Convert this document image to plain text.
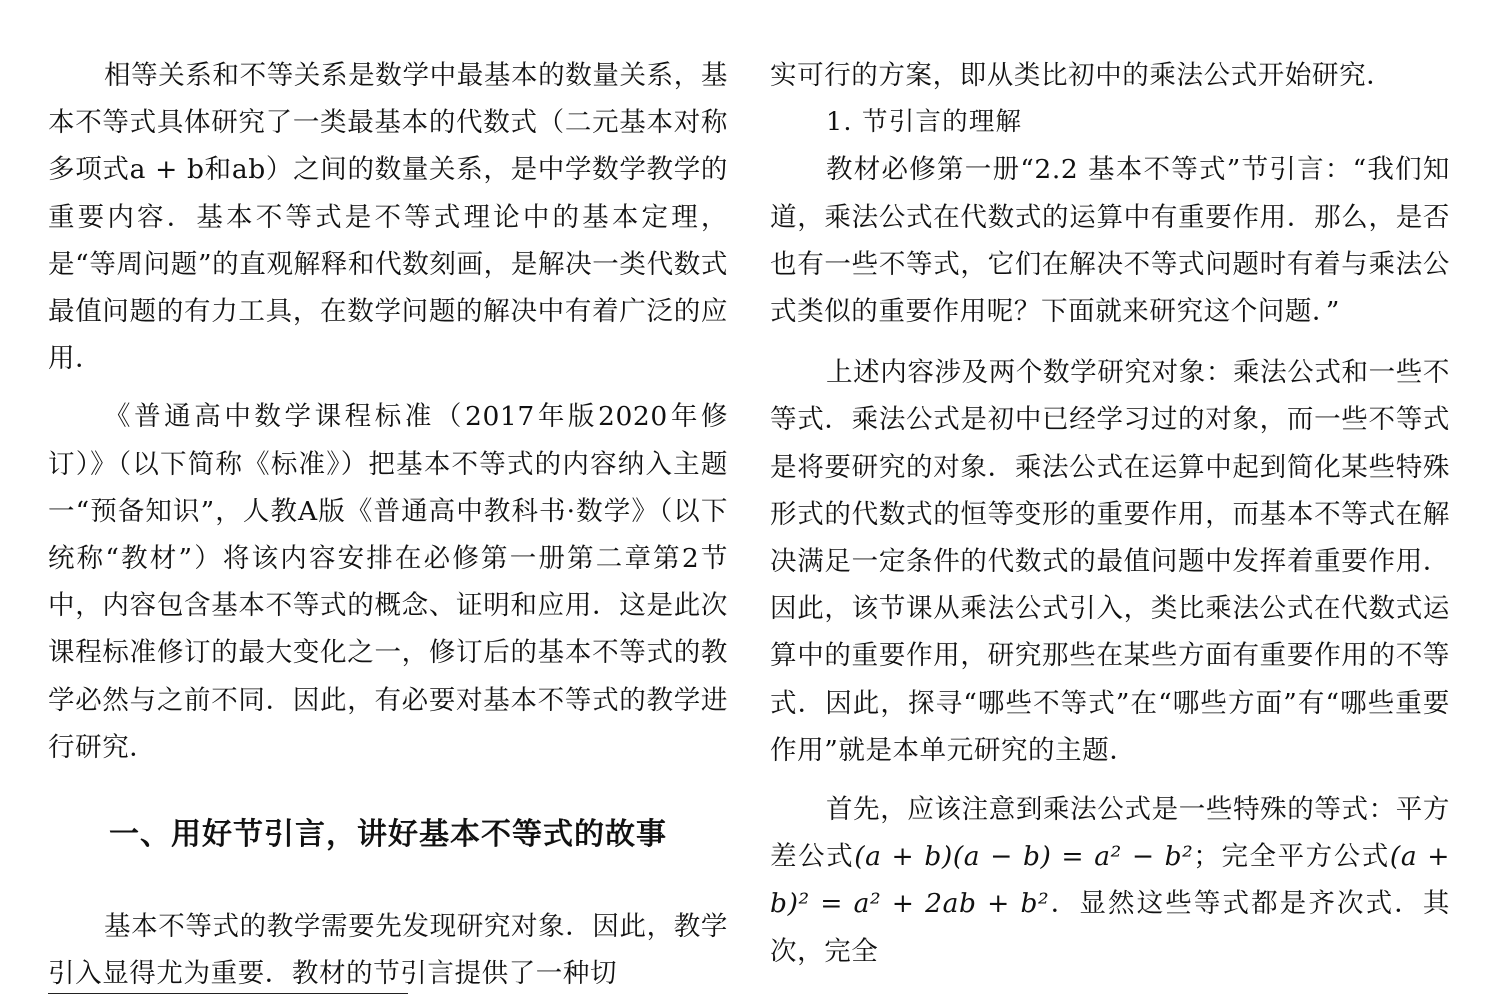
相等关系和不等关系是数学中最基本的数量关系，基本不等式具体研究了一类最基本的代数式（二元基本对称多项式a + b和ab）之间的数量关系，是中学数学教学的重要内容．基本不等式是不等式理论中的基本定理，是“等周问题”的直观解释和代数刻画，是解决一类代数式最值问题的有力工具，在数学问题的解决中有着广泛的应用．

《普通高中数学课程标准（2017年版2020年修订）》（以下简称《标准》）把基本不等式的内容纳入主题一“预备知识”，人教A版《普通高中教科书·数学》（以下统称“教材”）将该内容安排在必修第一册第二章第2节中，内容包含基本不等式的概念、证明和应用．这是此次课程标准修订的最大变化之一，修订后的基本不等式的教学必然与之前不同．因此，有必要对基本不等式的教学进行研究．

一、用好节引言，讲好基本不等式的故事

基本不等式的教学需要先发现研究对象．因此，教学引入显得尤为重要．教材的节引言提供了一种切

实可行的方案，即从类比初中的乘法公式开始研究．

1. 节引言的理解

教材必修第一册“2.2 基本不等式”节引言：“我们知道，乘法公式在代数式的运算中有重要作用．那么，是否也有一些不等式，它们在解决不等式问题时有着与乘法公式类似的重要作用呢？下面就来研究这个问题．”

上述内容涉及两个数学研究对象：乘法公式和一些不等式．乘法公式是初中已经学习过的对象，而一些不等式是将要研究的对象．乘法公式在运算中起到简化某些特殊形式的代数式的恒等变形的重要作用，而基本不等式在解决满足一定条件的代数式的最值问题中发挥着重要作用．因此，该节课从乘法公式引入，类比乘法公式在代数式运算中的重要作用，研究那些在某些方面有重要作用的不等式．因此，探寻“哪些不等式”在“哪些方面”有“哪些重要作用”就是本单元研究的主题．

首先，应该注意到乘法公式是一些特殊的等式：平方差公式(a + b)(a − b) = a² − b²；完全平方公式(a + b)² = a² + 2ab + b²．显然这些等式都是齐次式．其次，完全
